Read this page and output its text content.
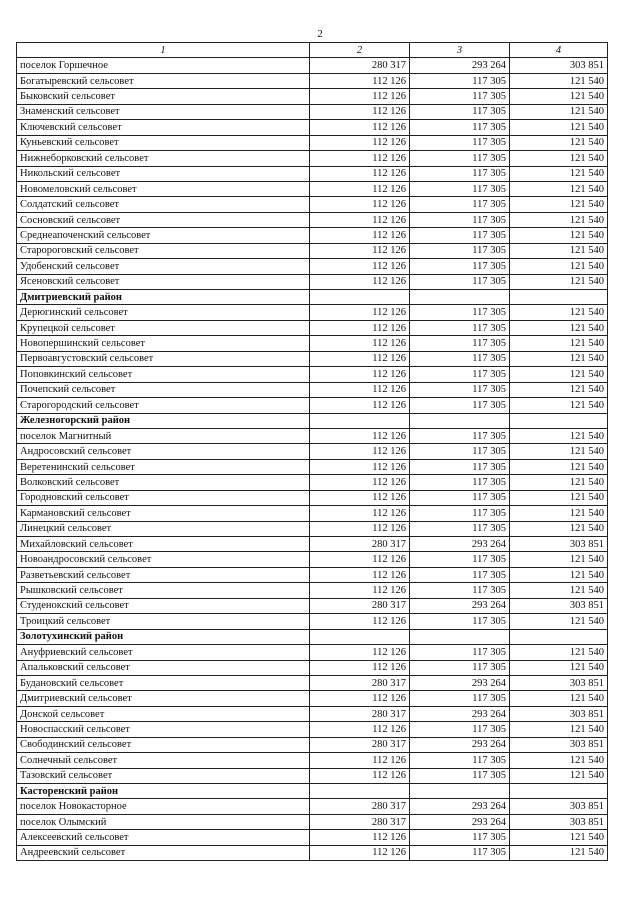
2
1	2	3	4
поселок Горшечное	280 317	293 264	303 851
Богатыревский сельсовет	112 126	117 305	121 540
Быковский сельсовет	112 126	117 305	121 540
Знаменский сельсовет	112 126	117 305	121 540
Ключевский сельсовет	112 126	117 305	121 540
Куньевский сельсовет	112 126	117 305	121 540
Нижнеборковский сельсовет	112 126	117 305	121 540
Никольский сельсовет	112 126	117 305	121 540
Новомеловский сельсовет	112 126	117 305	121 540
Солдатский сельсовет	112 126	117 305	121 540
Сосновский сельсовет	112 126	117 305	121 540
Среднеапоченский сельсовет	112 126	117 305	121 540
Старороговский сельсовет	112 126	117 305	121 540
Удобенский сельсовет	112 126	117 305	121 540
Ясеновский сельсовет	112 126	117 305	121 540
Дмитриевский район			
Дерюгинский сельсовет	112 126	117 305	121 540
Крупецкой сельсовет	112 126	117 305	121 540
Новопершинский сельсовет	112 126	117 305	121 540
Первоавгустовский сельсовет	112 126	117 305	121 540
Поповкинский сельсовет	112 126	117 305	121 540
Почепский сельсовет	112 126	117 305	121 540
Старогородский сельсовет	112 126	117 305	121 540
Железногорский район			
поселок Магнитный	112 126	117 305	121 540
Андросовский сельсовет	112 126	117 305	121 540
Веретенинский сельсовет	112 126	117 305	121 540
Волковский сельсовет	112 126	117 305	121 540
Городновский сельсовет	112 126	117 305	121 540
Кармановский сельсовет	112 126	117 305	121 540
Линецкий сельсовет	112 126	117 305	121 540
Михайловский сельсовет	280 317	293 264	303 851
Новоандросовский сельсовет	112 126	117 305	121 540
Разветьевский сельсовет	112 126	117 305	121 540
Рышковский сельсовет	112 126	117 305	121 540
Студенокский сельсовет	280 317	293 264	303 851
Троицкий сельсовет	112 126	117 305	121 540
Золотухинский район			
Ануфриевский сельсовет	112 126	117 305	121 540
Апальковский сельсовет	112 126	117 305	121 540
Будановский сельсовет	280 317	293 264	303 851
Дмитриевский сельсовет	112 126	117 305	121 540
Донской сельсовет	280 317	293 264	303 851
Новоспасский сельсовет	112 126	117 305	121 540
Свободинский сельсовет	280 317	293 264	303 851
Солнечный сельсовет	112 126	117 305	121 540
Тазовский сельсовет	112 126	117 305	121 540
Касторенский район			
поселок Новокасторное	280 317	293 264	303 851
поселок Олымский	280 317	293 264	303 851
Алексеевский сельсовет	112 126	117 305	121 540
Андреевский сельсовет	112 126	117 305	121 540
